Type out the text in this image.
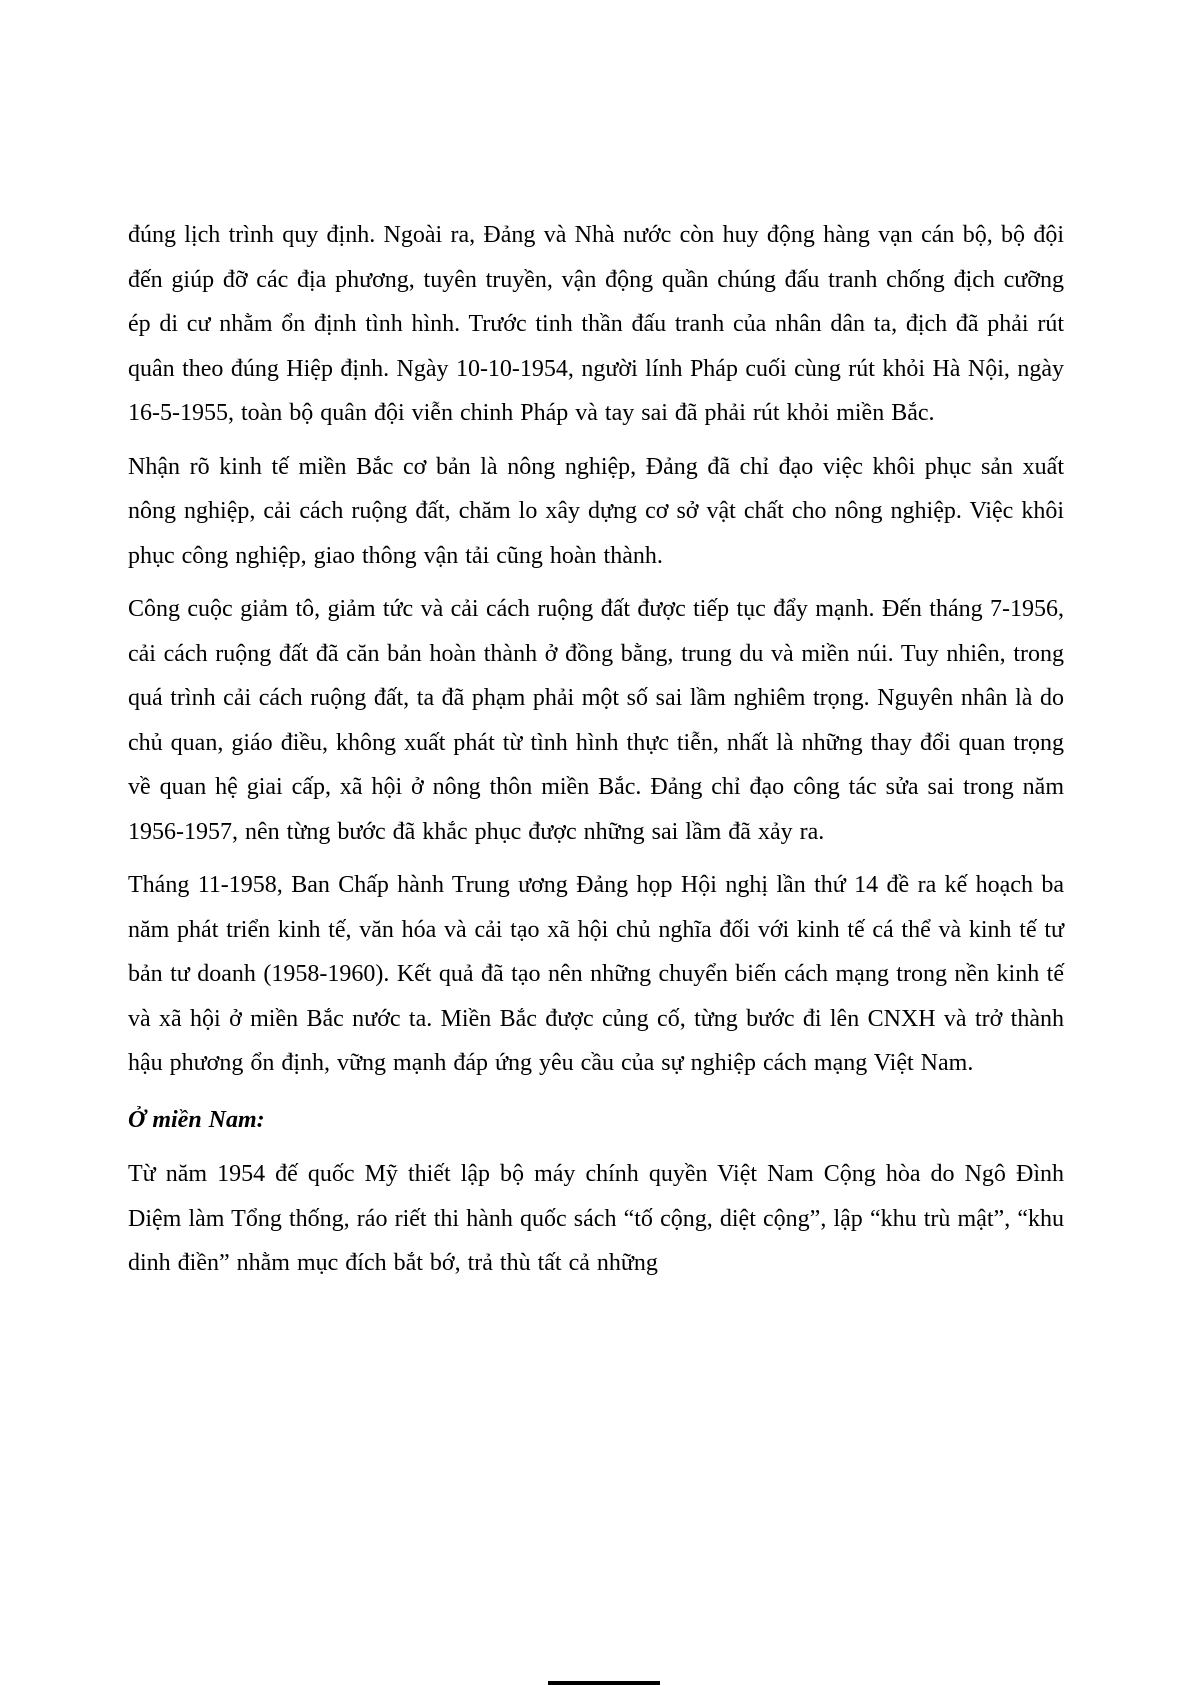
đúng lịch trình quy định. Ngoài ra, Đảng và Nhà nước còn huy động hàng vạn cán bộ, bộ đội đến giúp đỡ các địa phương, tuyên truyền, vận động quần chúng đấu tranh chống địch cưỡng ép di cư nhằm ổn định tình hình. Trước tinh thần đấu tranh của nhân dân ta, địch đã phải rút quân theo đúng Hiệp định. Ngày 10-10-1954, người lính Pháp cuối cùng rút khỏi Hà Nội, ngày 16-5-1955, toàn bộ quân đội viễn chinh Pháp và tay sai đã phải rút khỏi miền Bắc.

Nhận rõ kinh tế miền Bắc cơ bản là nông nghiệp, Đảng đã chỉ đạo việc khôi phục sản xuất nông nghiệp, cải cách ruộng đất, chăm lo xây dựng cơ sở vật chất cho nông nghiệp. Việc khôi phục công nghiệp, giao thông vận tải cũng hoàn thành.

Công cuộc giảm tô, giảm tức và cải cách ruộng đất được tiếp tục đẩy mạnh. Đến tháng 7-1956, cải cách ruộng đất đã căn bản hoàn thành ở đồng bằng, trung du và miền núi. Tuy nhiên, trong quá trình cải cách ruộng đất, ta đã phạm phải một số sai lầm nghiêm trọng. Nguyên nhân là do chủ quan, giáo điều, không xuất phát từ tình hình thực tiễn, nhất là những thay đổi quan trọng về quan hệ giai cấp, xã hội ở nông thôn miền Bắc. Đảng chỉ đạo công tác sửa sai trong năm 1956-1957, nên từng bước đã khắc phục được những sai lầm đã xảy ra.

Tháng 11-1958, Ban Chấp hành Trung ương Đảng họp Hội nghị lần thứ 14 đề ra kế hoạch ba năm phát triển kinh tế, văn hóa và cải tạo xã hội chủ nghĩa đối với kinh tế cá thể và kinh tế tư bản tư doanh (1958-1960). Kết quả đã tạo nên những chuyển biến cách mạng trong nền kinh tế và xã hội ở miền Bắc nước ta. Miền Bắc được củng cố, từng bước đi lên CNXH và trở thành hậu phương ổn định, vững mạnh đáp ứng yêu cầu của sự nghiệp cách mạng Việt Nam.

Ở miền Nam:

Từ năm 1954 đế quốc Mỹ thiết lập bộ máy chính quyền Việt Nam Cộng hòa do Ngô Đình Diệm làm Tổng thống, ráo riết thi hành quốc sách “tố cộng, diệt cộng”, lập “khu trù mật”, “khu dinh điền” nhằm mục đích bắt bớ, trả thù tất cả những
